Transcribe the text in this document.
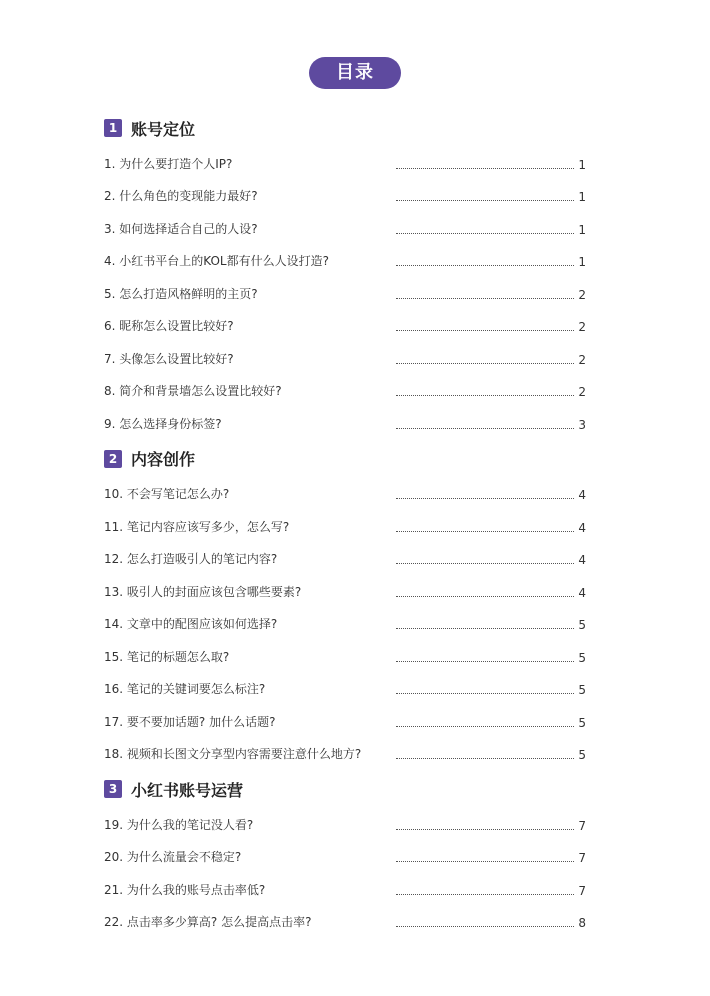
目录
1 账号定位
1. 为什么要打造个人IP?	1
2. 什么角色的变现能力最好?	1
3. 如何选择适合自己的人设?	1
4. 小红书平台上的KOL都有什么人设打造?	1
5. 怎么打造风格鲜明的主页?	2
6. 昵称怎么设置比较好?	2
7. 头像怎么设置比较好?	2
8. 简介和背景墙怎么设置比较好?	2
9. 怎么选择身份标签?	3
2 内容创作
10. 不会写笔记怎么办?	4
11. 笔记内容应该写多少，怎么写?	4
12. 怎么打造吸引人的笔记内容?	4
13. 吸引人的封面应该包含哪些要素?	4
14. 文章中的配图应该如何选择?	5
15. 笔记的标题怎么取?	5
16. 笔记的关键词要怎么标注?	5
17. 要不要加话题? 加什么话题?	5
18. 视频和长图文分享型内容需要注意什么地方?	5
3 小红书账号运营
19. 为什么我的笔记没人看?	7
20. 为什么流量会不稳定?	7
21. 为什么我的账号点击率低?	7
22. 点击率多少算高? 怎么提高点击率?	8
